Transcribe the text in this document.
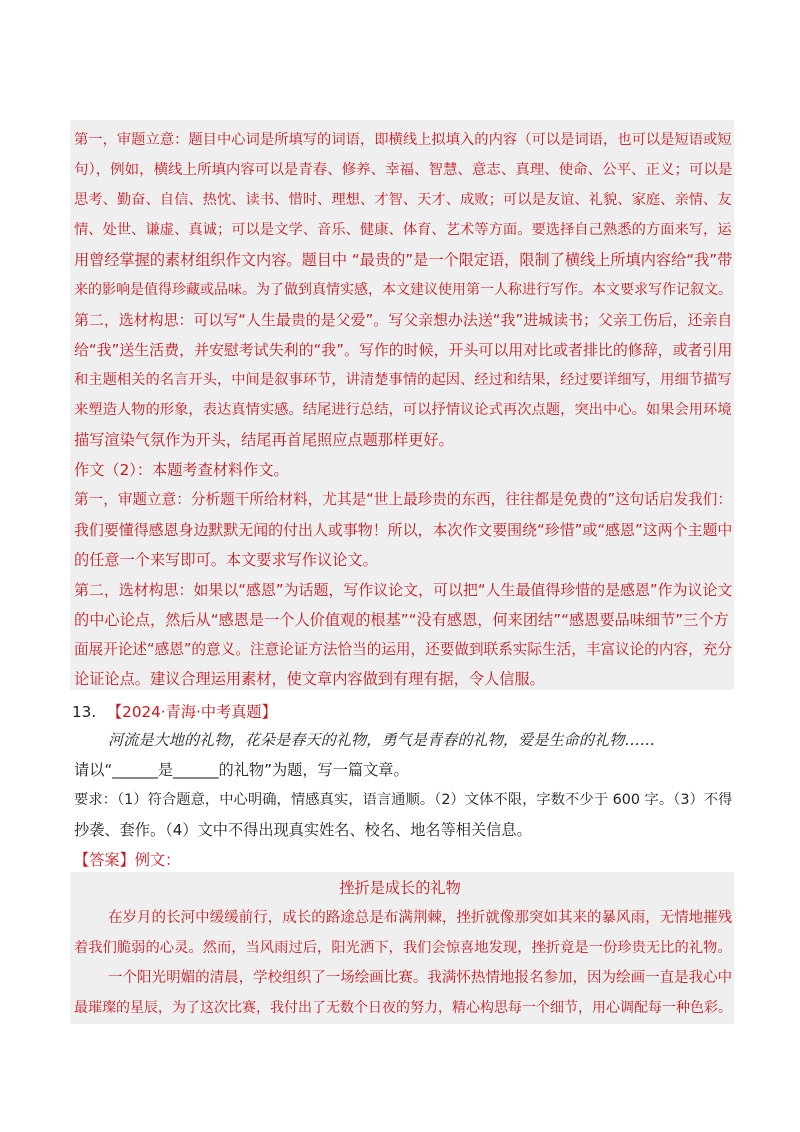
第一，审题立意：题目中心词是所填写的词语，即横线上拟填入的内容（可以是词语，也可以是短语或短
句），例如，横线上所填内容可以是青春、修养、幸福、智慧、意志、真理、使命、公平、正义；可以是
思考、勤奋、自信、热忱、读书、惜时、理想、才智、天才、成败；可以是友谊、礼貌、家庭、亲情、友
情、处世、谦虚、真诚；可以是文学、音乐、健康、体育、艺术等方面。要选择自己熟悉的方面来写，运
用曾经掌握的素材组织作文内容。题目中 “最贵的”是一个限定语，限制了横线上所填内容给“我”带
来的影响是值得珍藏或品味。为了做到真情实感，本文建议使用第一人称进行写作。本文要求写作记叙文。
第二，选材构思：可以写“人生最贵的是父爱”。写父亲想办法送“我”进城读书；父亲工伤后，还亲自
给“我”送生活费，并安慰考试失利的“我”。写作的时候，开头可以用对比或者排比的修辞，或者引用
和主题相关的名言开头，中间是叙事环节，讲清楚事情的起因、经过和结果，经过要详细写，用细节描写
来塑造人物的形象，表达真情实感。结尾进行总结，可以抒情议论式再次点题，突出中心。如果会用环境
描写渲染气氛作为开头，结尾再首尾照应点题那样更好。
作文（2）：本题考查材料作文。
第一，审题立意：分析题干所给材料，尤其是“世上最珍贵的东西，往往都是免费的”这句话启发我们：
我们要懂得感恩身边默默无闻的付出人或事物！所以，本次作文要围绕“珍惜”或“感恩”这两个主题中
的任意一个来写即可。本文要求写作议论文。
第二，选材构思：如果以“感恩”为话题，写作议论文，可以把“人生最值得珍惜的是感恩”作为议论文
的中心论点，然后从“感恩是一个人价值观的根基”“没有感恩，何来团结”“感恩要品味细节”三个方
面展开论述“感恩”的意义。注意论证方法恰当的运用，还要做到联系实际生活，丰富议论的内容，充分
论证论点。建议合理运用素材，使文章内容做到有理有据，令人信服。
13. 【2024·青海·中考真题】
河流是大地的礼物，花朵是春天的礼物，勇气是青春的礼物，爱是生命的礼物……
请以“______是______的礼物”为题，写一篇文章。
要求：（1）符合题意，中心明确，情感真实，语言通顺。（2）文体不限，字数不少于 600 字。（3）不得
抄袭、套作。（4）文中不得出现真实姓名、校名、地名等相关信息。
【答案】例文：
挫折是成长的礼物
在岁月的长河中缓缓前行，成长的路途总是布满荆棘，挫折就像那突如其来的暴风雨，无情地摧残
着我们脆弱的心灵。然而，当风雨过后，阳光洒下，我们会惊喜地发现，挫折竟是一份珍贵无比的礼物。
一个阳光明媚的清晨，学校组织了一场绘画比赛。我满怀热情地报名参加，因为绘画一直是我心中
最璀璨的星辰，为了这次比赛，我付出了无数个日夜的努力，精心构思每一个细节，用心调配每一种色彩。
